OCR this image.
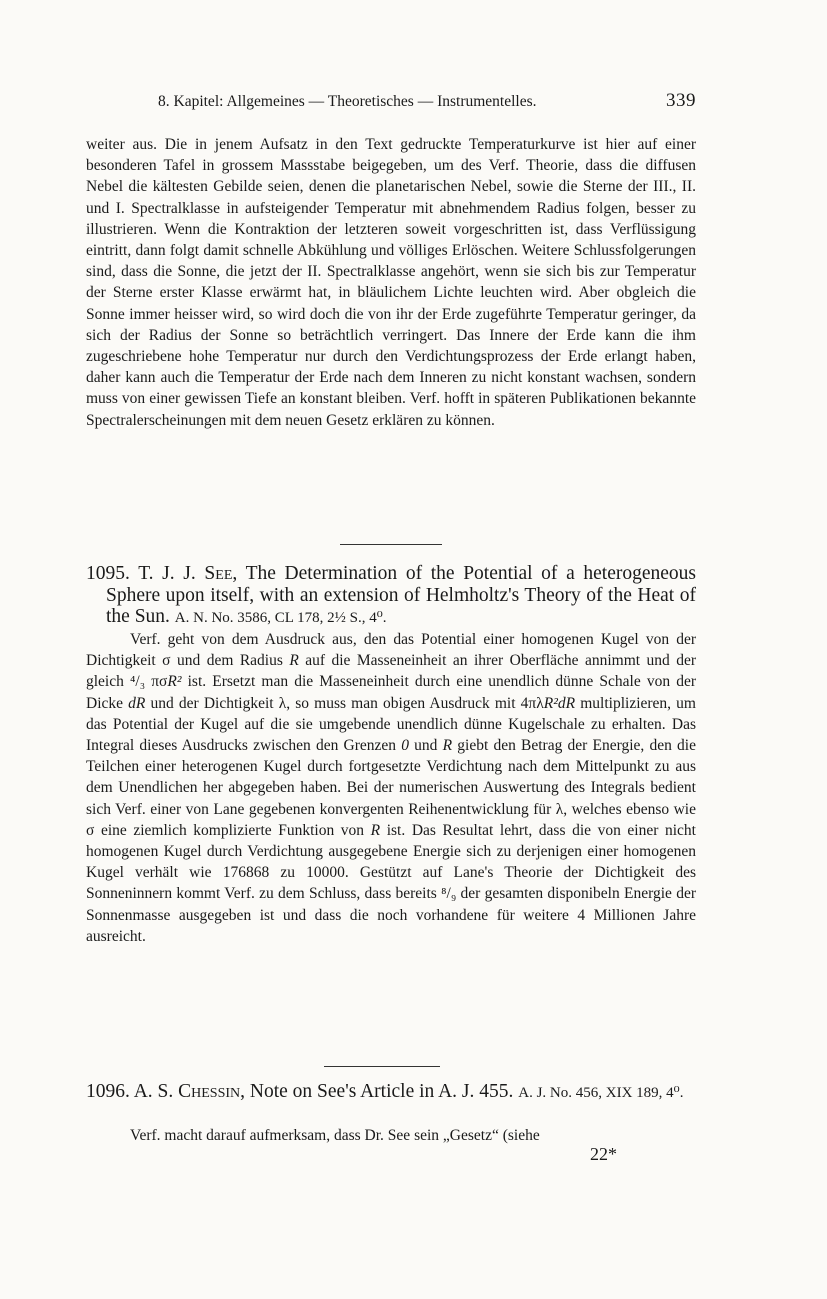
8. Kapitel: Allgemeines — Theoretisches — Instrumentelles.	339
weiter aus. Die in jenem Aufsatz in den Text gedruckte Temperaturkurve ist hier auf einer besonderen Tafel in grossem Massstabe beigegeben, um des Verf. Theorie, dass die diffusen Nebel die kältesten Gebilde seien, denen die planetarischen Nebel, sowie die Sterne der III., II. und I. Spectralklasse in aufsteigender Temperatur mit abnehmendem Radius folgen, besser zu illustrieren. Wenn die Kontraktion der letzteren soweit vorgeschritten ist, dass Verflüssigung eintritt, dann folgt damit schnelle Abkühlung und völliges Erlöschen. Weitere Schlussfolgerungen sind, dass die Sonne, die jetzt der II. Spectralklasse angehört, wenn sie sich bis zur Temperatur der Sterne erster Klasse erwärmt hat, in bläulichem Lichte leuchten wird. Aber obgleich die Sonne immer heisser wird, so wird doch die von ihr der Erde zugeführte Temperatur geringer, da sich der Radius der Sonne so beträchtlich verringert. Das Innere der Erde kann die ihm zugeschriebene hohe Temperatur nur durch den Verdichtungsprozess der Erde erlangt haben, daher kann auch die Temperatur der Erde nach dem Inneren zu nicht konstant wachsen, sondern muss von einer gewissen Tiefe an konstant bleiben. Verf. hofft in späteren Publikationen bekannte Spectralerscheinungen mit dem neuen Gesetz erklären zu können.
1095. T. J. J. See, The Determination of the Potential of a heterogeneous Sphere upon itself, with an extension of Helmholtz's Theory of the Heat of the Sun. A. N. No. 3586, CL 178, 2½ S., 4⁰.
Verf. geht von dem Ausdruck aus, den das Potential einer homogenen Kugel von der Dichtigkeit σ und dem Radius R auf die Masseneinheit an ihrer Oberfläche annimmt und der gleich ⁴/₃ πσR² ist. Ersetzt man die Masseneinheit durch eine unendlich dünne Schale von der Dicke dR und der Dichtigkeit λ, so muss man obigen Ausdruck mit 4πλR²dR multiplizieren, um das Potential der Kugel auf die sie umgebende unendlich dünne Kugelschale zu erhalten. Das Integral dieses Ausdrucks zwischen den Grenzen 0 und R giebt den Betrag der Energie, den die Teilchen einer heterogenen Kugel durch fortgesetzte Verdichtung nach dem Mittelpunkt zu aus dem Unendlichen her abgegeben haben. Bei der numerischen Auswertung des Integrals bedient sich Verf. einer von Lane gegebenen konvergenten Reihenentwicklung für λ, welches ebenso wie σ eine ziemlich komplizierte Funktion von R ist. Das Resultat lehrt, dass die von einer nicht homogenen Kugel durch Verdichtung ausgegebene Energie sich zu derjenigen einer homogenen Kugel verhält wie 176868 zu 10000. Gestützt auf Lane's Theorie der Dichtigkeit des Sonneninnern kommt Verf. zu dem Schluss, dass bereits ⁸/₉ der gesamten disponibeln Energie der Sonnenmasse ausgegeben ist und dass die noch vorhandene für weitere 4 Millionen Jahre ausreicht.
1096. A. S. Chessin, Note on See's Article in A. J. 455. A. J. No. 456, XIX 189, 4⁰.
Verf. macht darauf aufmerksam, dass Dr. See sein „Gesetz“ (siehe
22*
